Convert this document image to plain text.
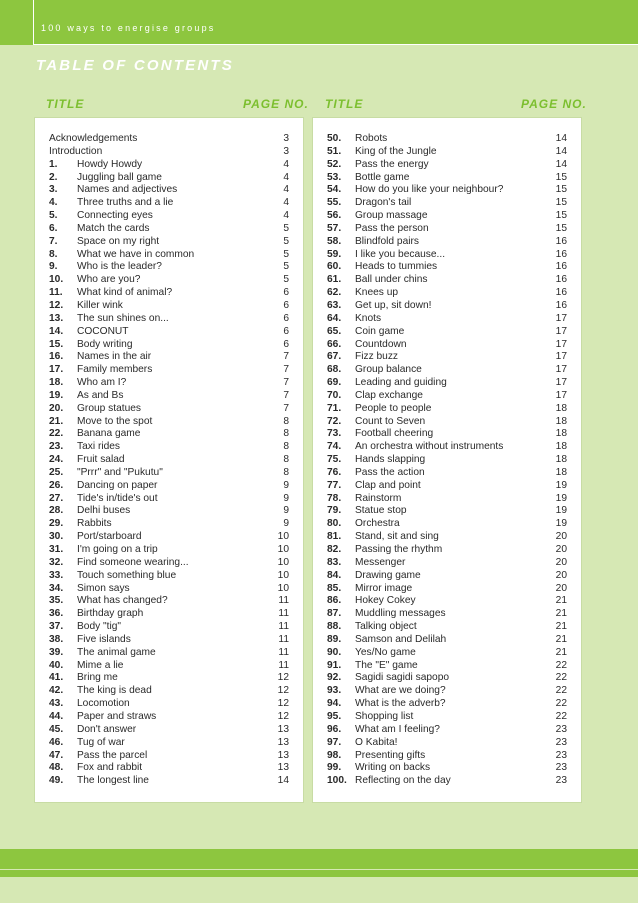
100 ways to energise groups
TABLE OF CONTENTS
TITLE	PAGE NO. TITLE	PAGE NO.
Acknowledgements	3
Introduction	3
1.	Howdy Howdy	4
2.	Juggling ball game	4
3.	Names and adjectives	4
4.	Three truths and a lie	4
5.	Connecting eyes	4
6.	Match the cards	5
7.	Space on my right	5
8.	What we have in common	5
9.	Who is the leader?	5
10.	Who are you?	5
11.	What kind of animal?	6
12.	Killer wink	6
13.	The sun shines on...	6
14.	COCONUT	6
15.	Body writing	6
16.	Names in the air	7
17.	Family members	7
18.	Who am I?	7
19.	As and Bs	7
20.	Group statues	7
21.	Move to the spot	8
22.	Banana game	8
23.	Taxi rides	8
24.	Fruit salad	8
25.	"Prrr" and "Pukutu"	8
26.	Dancing on paper	9
27.	Tide's in/tide's out	9
28.	Delhi buses	9
29.	Rabbits	9
30.	Port/starboard	10
31.	I'm going on a trip	10
32.	Find someone wearing...	10
33.	Touch something blue	10
34.	Simon says	10
35.	What has changed?	11
36.	Birthday graph	11
37.	Body "tig"	11
38.	Five islands	11
39.	The animal game	11
40.	Mime a lie	11
41.	Bring me	12
42.	The king is dead	12
43.	Locomotion	12
44.	Paper and straws	12
45.	Don't answer	13
46.	Tug of war	13
47.	Pass the parcel	13
48.	Fox and rabbit	13
49.	The longest line	14
50.	Robots	14
51.	King of the Jungle	14
52.	Pass the energy	14
53.	Bottle game	15
54.	How do you like your neighbour?	15
55.	Dragon's tail	15
56.	Group massage	15
57.	Pass the person	15
58.	Blindfold pairs	16
59.	I like you because...	16
60.	Heads to tummies	16
61.	Ball under chins	16
62.	Knees up	16
63.	Get up, sit down!	16
64.	Knots	17
65.	Coin game	17
66.	Countdown	17
67.	Fizz buzz	17
68.	Group balance	17
69.	Leading and guiding	17
70.	Clap exchange	17
71.	People to people	18
72.	Count to Seven	18
73.	Football cheering	18
74.	An orchestra without instruments	18
75.	Hands slapping	18
76.	Pass the action	18
77.	Clap and point	19
78.	Rainstorm	19
79.	Statue stop	19
80.	Orchestra	19
81.	Stand, sit and sing	20
82.	Passing the rhythm	20
83.	Messenger	20
84.	Drawing game	20
85.	Mirror image	20
86.	Hokey Cokey	21
87.	Muddling messages	21
88.	Talking object	21
89.	Samson and Delilah	21
90.	Yes/No game	21
91.	The "E" game	22
92.	Sagidi sagidi sapopo	22
93.	What are we doing?	22
94.	What is the adverb?	22
95.	Shopping list	22
96.	What am I feeling?	23
97.	O Kabita!	23
98.	Presenting gifts	23
99.	Writing on backs	23
100. Reflecting on the day	23
